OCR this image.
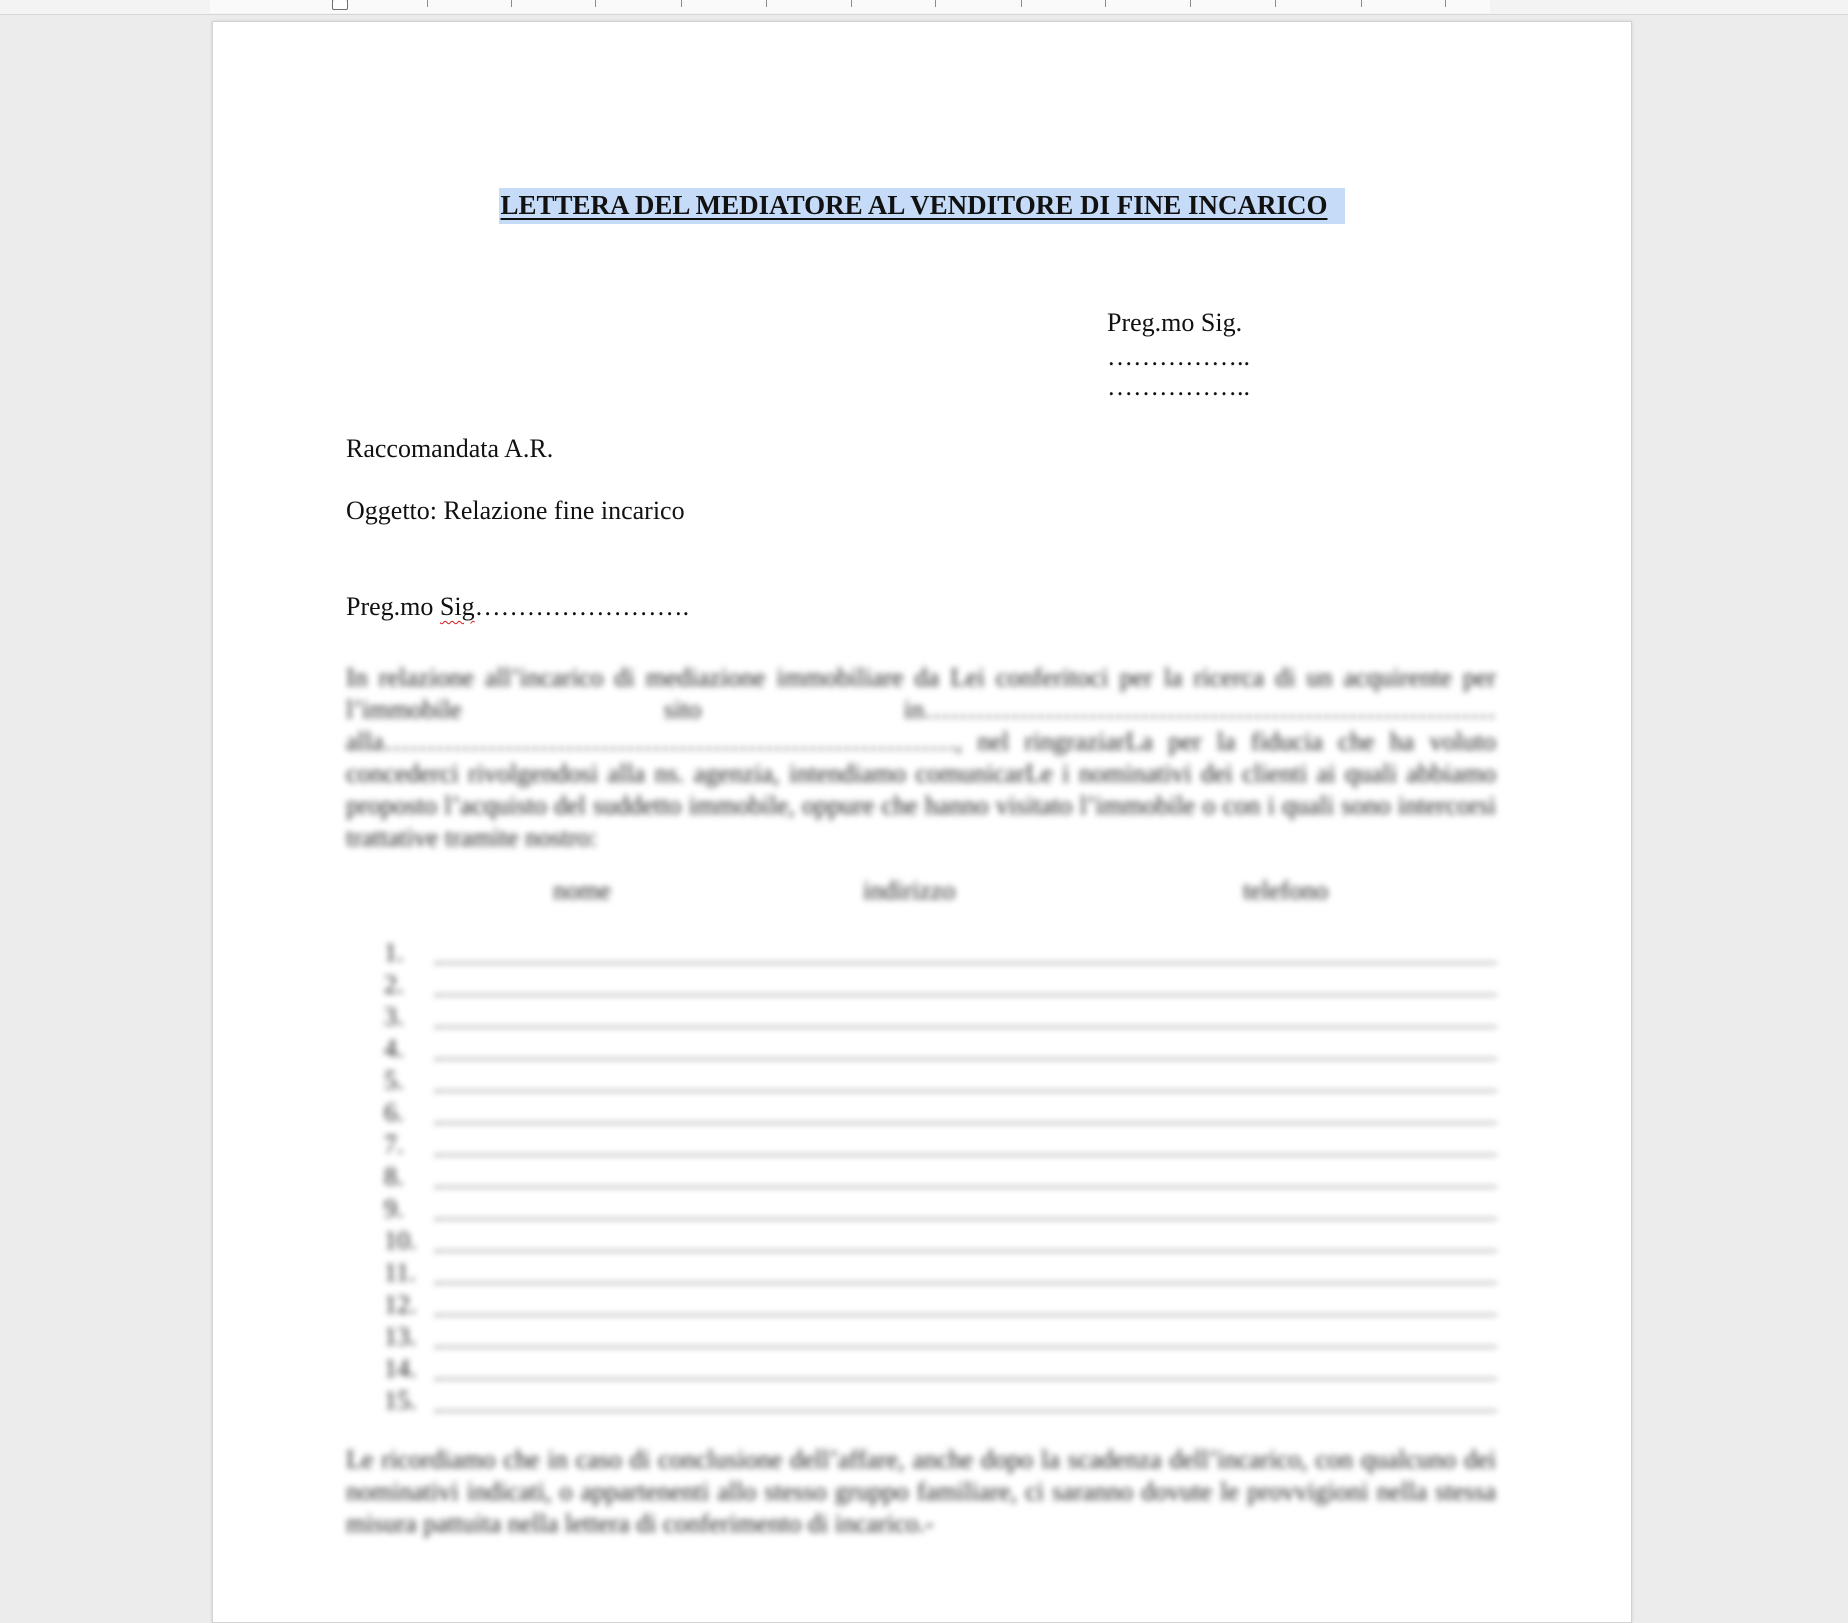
LETTERA DEL MEDIATORE AL VENDITORE DI FINE INCARICO
Preg.mo Sig.
……………..
……………..
Raccomandata A.R.
Oggetto: Relazione fine incarico
Preg.mo Sig…………………….
In relazione all’incarico di mediazione immobiliare da Lei conferitoci per la ricerca di un acquirente per l’immobile sito in………………………………………………………… alla…………………………………………………………, nel ringraziarLa per la fiducia che ha voluto concederci rivolgendosi alla ns. agenzia, intendiamo comunicarLe i nominativi dei clienti ai quali abbiamo proposto l’acquisto del suddetto immobile, oppure che hanno visitato l’immobile o con i quali sono intercorsi trattative tramite nostro:
nome	indirizzo	telefono
1.
2.
3.
4.
5.
6.
7.
8.
9.
10.
11.
12.
13.
14.
15.
Le ricordiamo che in caso di conclusione dell’affare, anche dopo la scadenza dell’incarico, con qualcuno dei nominativi indicati, o appartenenti allo stesso gruppo familiare, ci saranno dovute le provvigioni nella stessa misura pattuita nella lettera di conferimento di incarico.-
